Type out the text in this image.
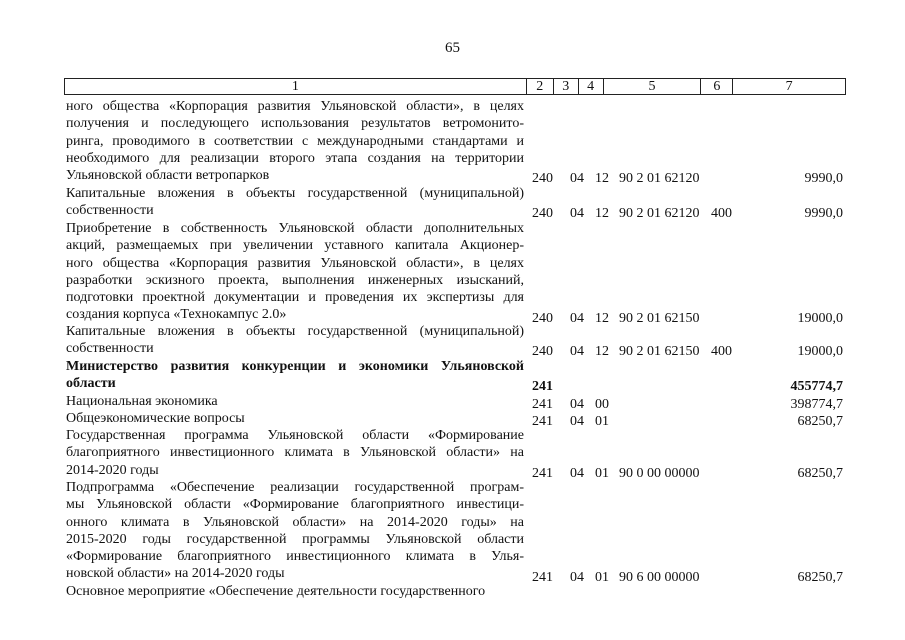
65
1	2	3	4	5	6	7
ного общества «Корпорация развития Ульяновской области», в целях
получения и последующего использования результатов ветромонито-
ринга, проводимого в соответствии с международными стандартами и
необходимого для реализации второго этапа создания на территории
Ульяновской области ветропарков	240 04 12 90 2 01 62120	9990,0
Капитальные вложения в объекты государственной (муниципальной)
собственности	240 04 12 90 2 01 62120 400	9990,0
Приобретение в собственность Ульяновской области дополнительных
акций, размещаемых при увеличении уставного капитала Акционер-
ного общества «Корпорация развития Ульяновской области», в целях
разработки эскизного проекта, выполнения инженерных изысканий,
подготовки проектной документации и проведения их экспертизы для
создания корпуса «Технокампус 2.0»	240 04 12 90 2 01 62150	19000,0
Капитальные вложения в объекты государственной (муниципальной)
собственности	240 04 12 90 2 01 62150 400	19000,0
Министерство развития конкуренции и экономики Ульяновской
области	241	455774,7
Национальная экономика	241 04 00	398774,7
Общеэкономические вопросы	241 04 01	68250,7
Государственная программа Ульяновской области «Формирование
благоприятного инвестиционного климата в Ульяновской области» на
2014-2020 годы	241 04 01 90 0 00 00000	68250,7
Подпрограмма «Обеспечение реализации государственной програм-
мы Ульяновской области «Формирование благоприятного инвестици-
онного климата в Ульяновской области» на 2014-2020 годы» на
2015-2020 годы государственной программы Ульяновской области
«Формирование благоприятного инвестиционного климата в Улья-
новской области» на 2014-2020 годы	241 04 01 90 6 00 00000	68250,7
Основное мероприятие «Обеспечение деятельности государственного
